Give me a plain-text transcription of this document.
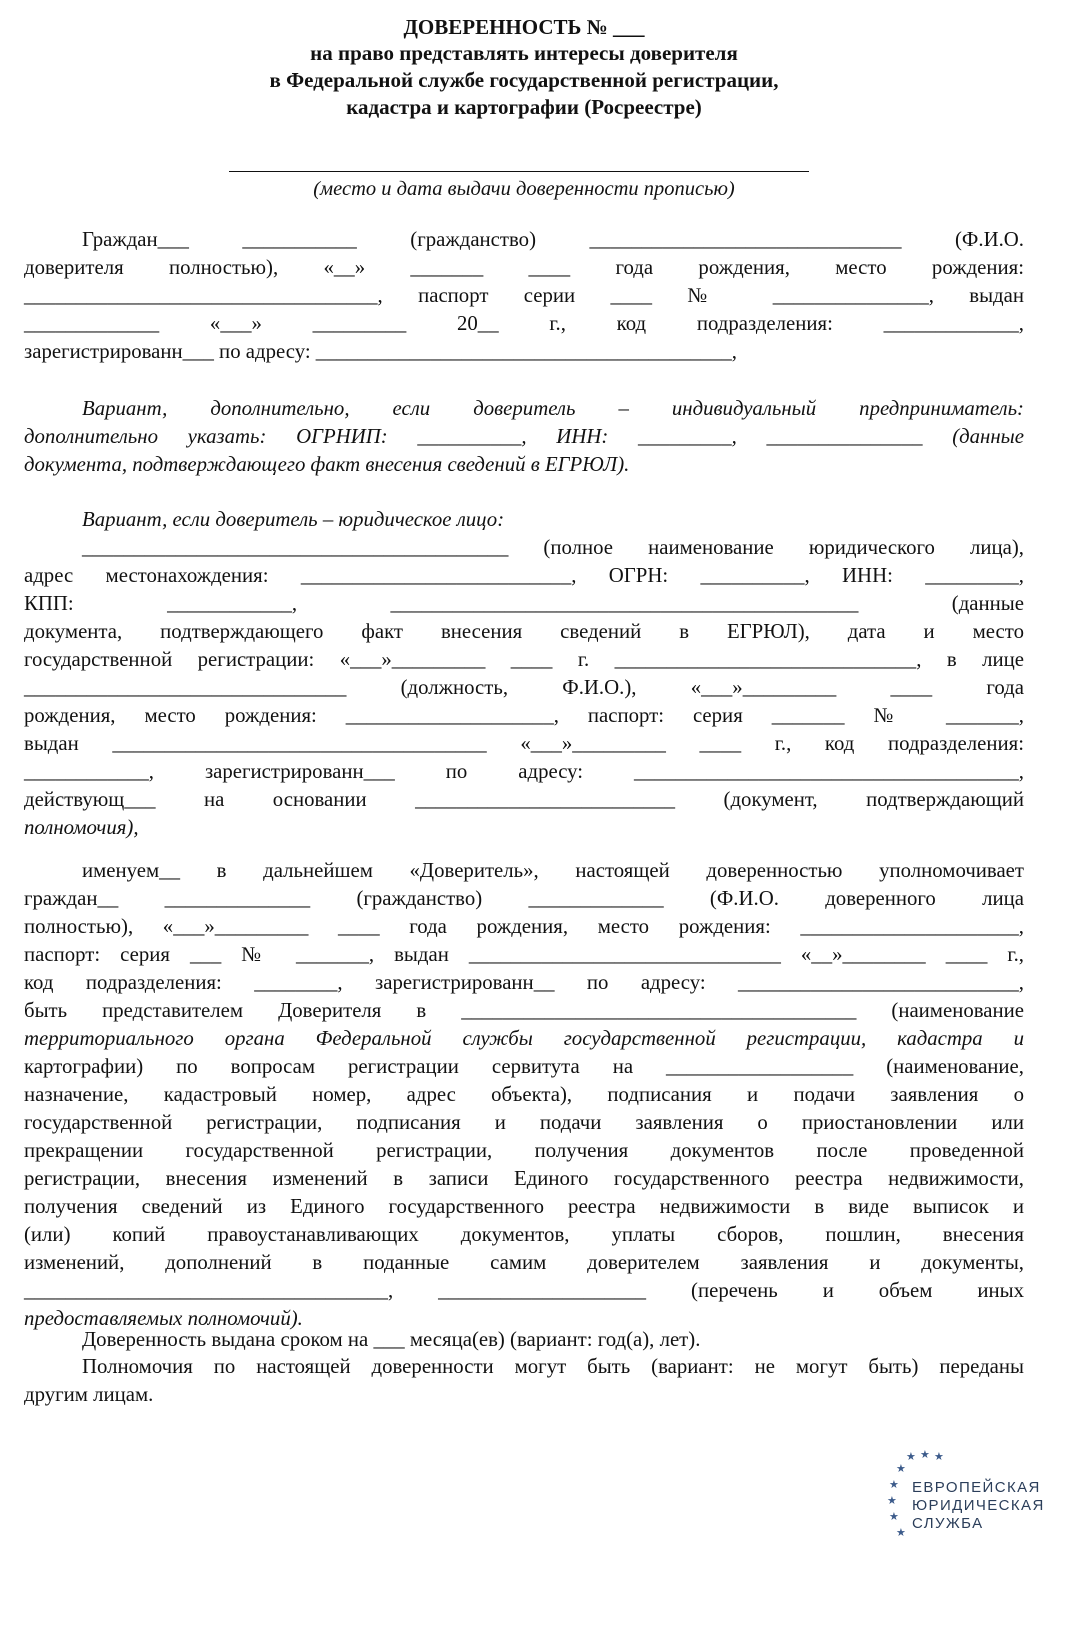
ДОВЕРЕННОСТЬ № ___
на право представлять интересы доверителя
в Федеральной службе государственной регистрации,
кадастра и картографии (Росреестре)
(место и дата выдачи доверенности прописью)
Граждан___ ___________ (гражданство) ______________________________ (Ф.И.О.
доверителя полностью), «__» _______ ____ года рождения, место рождения:
__________________________________, паспорт серии ____ № _______________, выдан
_____________ «___» _________ 20__ г., код подразделения: _____________,
зарегистрированн___ по адресу: ________________________________________,
Вариант, дополнительно, если доверитель – индивидуальный предприниматель:
дополнительно указать: ОГРНИП: __________, ИНН: _________, _______________ (данные
документа, подтверждающего факт внесения сведений в ЕГРЮЛ).
Вариант, если доверитель – юридическое лицо:
_________________________________________ (полное наименование юридического лица),
адрес местонахождения: __________________________, ОГРН: __________, ИНН: _________,
КПП: ____________, _____________________________________________ (данные
документа, подтверждающего факт внесения сведений в ЕГРЮЛ), дата и место
государственной регистрации: «___»_________ ____ г. _____________________________, в лице
_______________________________ (должность, Ф.И.О.), «___»_________ ____ года
рождения, место рождения: ____________________, паспорт: серия _______ № _______,
выдан ____________________________________ «___»_________ ____ г., код подразделения:
____________, зарегистрированн___ по адресу: _____________________________________,
действующ___ на основании _________________________ (документ, подтверждающий
полномочия),
именуем__ в дальнейшем «Доверитель», настоящей доверенностью уполномочивает
граждан__ ______________ (гражданство) _____________ (Ф.И.О. доверенного лица
полностью), «___»_________ ____ года рождения, место рождения: _____________________,
паспорт: серия ___ № _______, выдан ______________________________ «__»________ ____ г.,
код подразделения: ________, зарегистрированн__ по адресу: ___________________________,
быть представителем Доверителя в ______________________________________ (наименование
территориального органа Федеральной службы государственной регистрации, кадастра и
картографии) по вопросам регистрации сервитута на __________________ (наименование,
назначение, кадастровый номер, адрес объекта), подписания и подачи заявления о
государственной регистрации, подписания и подачи заявления о приостановлении или
прекращении государственной регистрации, получения документов после проведенной
регистрации, внесения изменений в записи Единого государственного реестра недвижимости,
получения сведений из Единого государственного реестра недвижимости в виде выписок и
(или) копий правоустанавливающих документов, уплаты сборов, пошлин, внесения
изменений, дополнений в поданные самим доверителем заявления и документы,
___________________________________, ____________________ (перечень и объем иных
предоставляемых полномочий).
Доверенность выдана сроком на ___ месяца(ев) (вариант: год(а), лет).
Полномочия по настоящей доверенности могут быть (вариант: не могут быть) переданы
другим лицам.
★ ★ ★
★
★
★
★
★
ЕВРОПЕЙСКАЯ
ЮРИДИЧЕСКАЯ
СЛУЖБА
